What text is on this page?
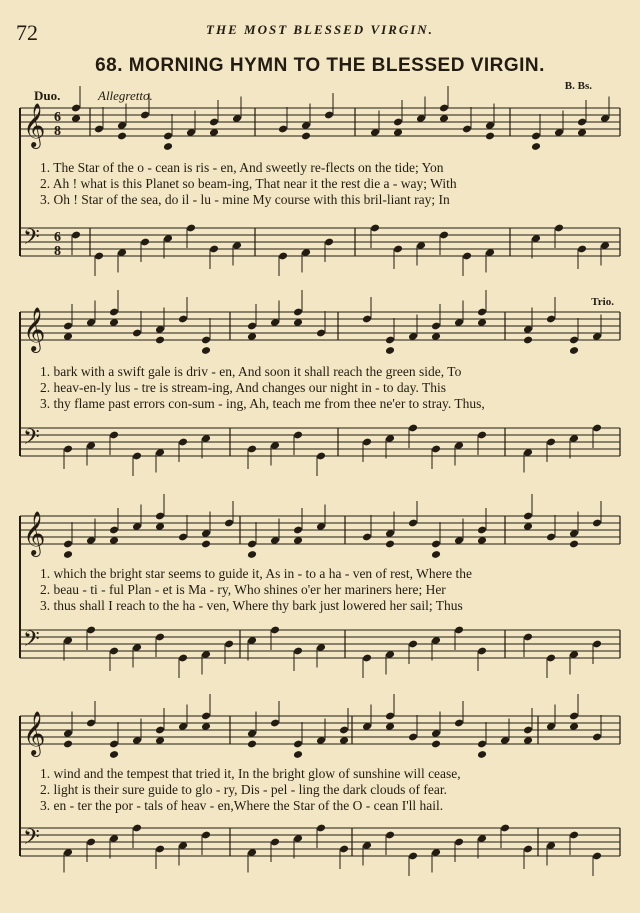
72	THE MOST BLESSED VIRGIN.
68. MORNING HYMN TO THE BLESSED VIRGIN.
B. Bs.
Duo.	Allegretto.
Trio.
𝄞 6
8
𝄢 6
8
𝄞
𝄢
𝄞
𝄢
𝄞
𝄢
1. The Star of the o - cean is ris - en, And sweetly re-flects on the tide; Yon
2. Ah ! what is this Planet so beam-ing, That near it the rest die a - way; With
3. Oh ! Star of the sea, do il - lu - mine My course with this bril-liant ray; In
1. bark with a swift gale is driv - en, And soon it shall reach the green side, To
2. heav-en-ly lus - tre is stream-ing, And changes our night in - to day. This
3. thy flame past errors con-sum - ing, Ah, teach me from thee ne'er to stray. Thus,
1. which the bright star seems to guide it, As in - to a ha - ven of rest, Where the
2. beau - ti - ful Plan - et is Ma - ry, Who shines o'er her mariners here; Her
3. thus shall I reach to the ha - ven, Where thy bark just lowered her sail; Thus
1. wind and the tempest that tried it, In the bright glow of sunshine will cease,
2. light is their sure guide to glo - ry, Dis - pel - ling the dark clouds of fear.
3. en - ter the por - tals of heav - en,Where the Star of the O - cean I'll hail.
